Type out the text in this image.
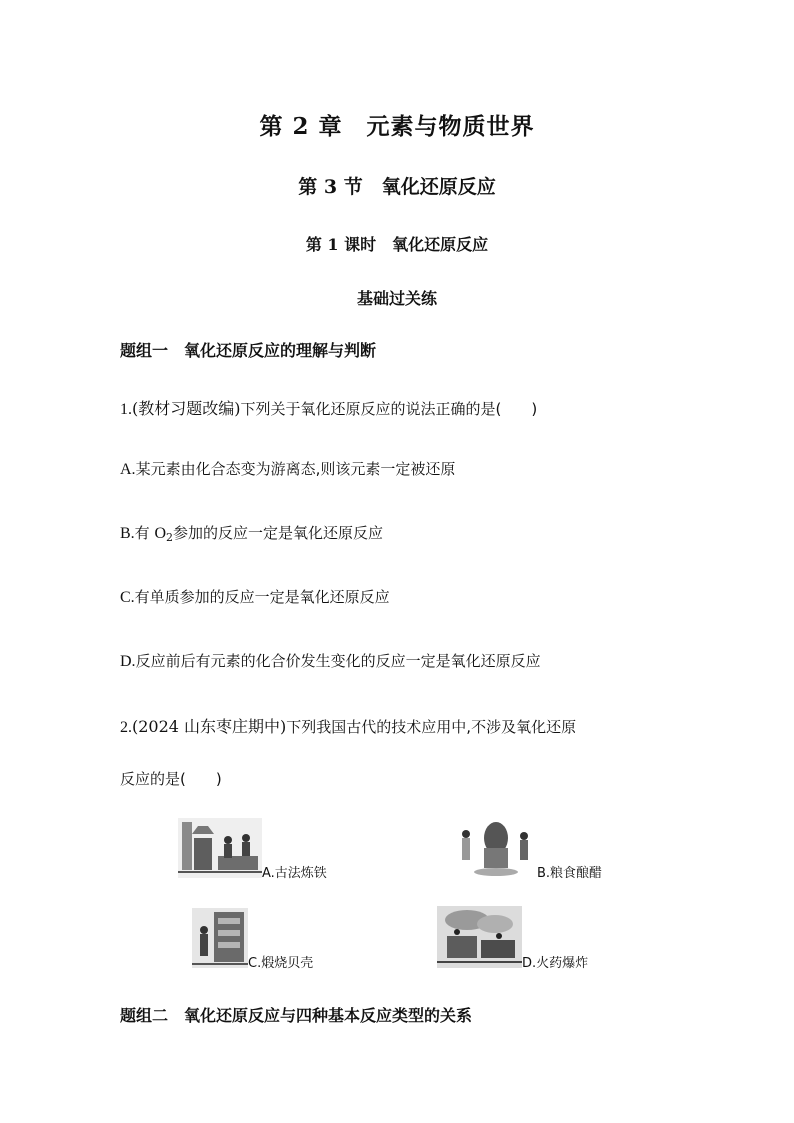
第 2 章　元素与物质世界
第 3 节　氧化还原反应
第 1 课时　氧化还原反应
基础过关练
题组一　氧化还原反应的理解与判断
1.(教材习题改编)下列关于氧化还原反应的说法正确的是(　　)
A.某元素由化合态变为游离态,则该元素一定被还原
B.有 $O_2$参加的反应一定是氧化还原反应
C.有单质参加的反应一定是氧化还原反应
D.反应前后有元素的化合价发生变化的反应一定是氧化还原反应
2.(2024 山东枣庄期中)下列我国古代的技术应用中,不涉及氧化还原
反应的是(　　)
A.古法炼铁	B.粮食酿醋
C.煅烧贝壳	D.火药爆炸
题组二　氧化还原反应与四种基本反应类型的关系
